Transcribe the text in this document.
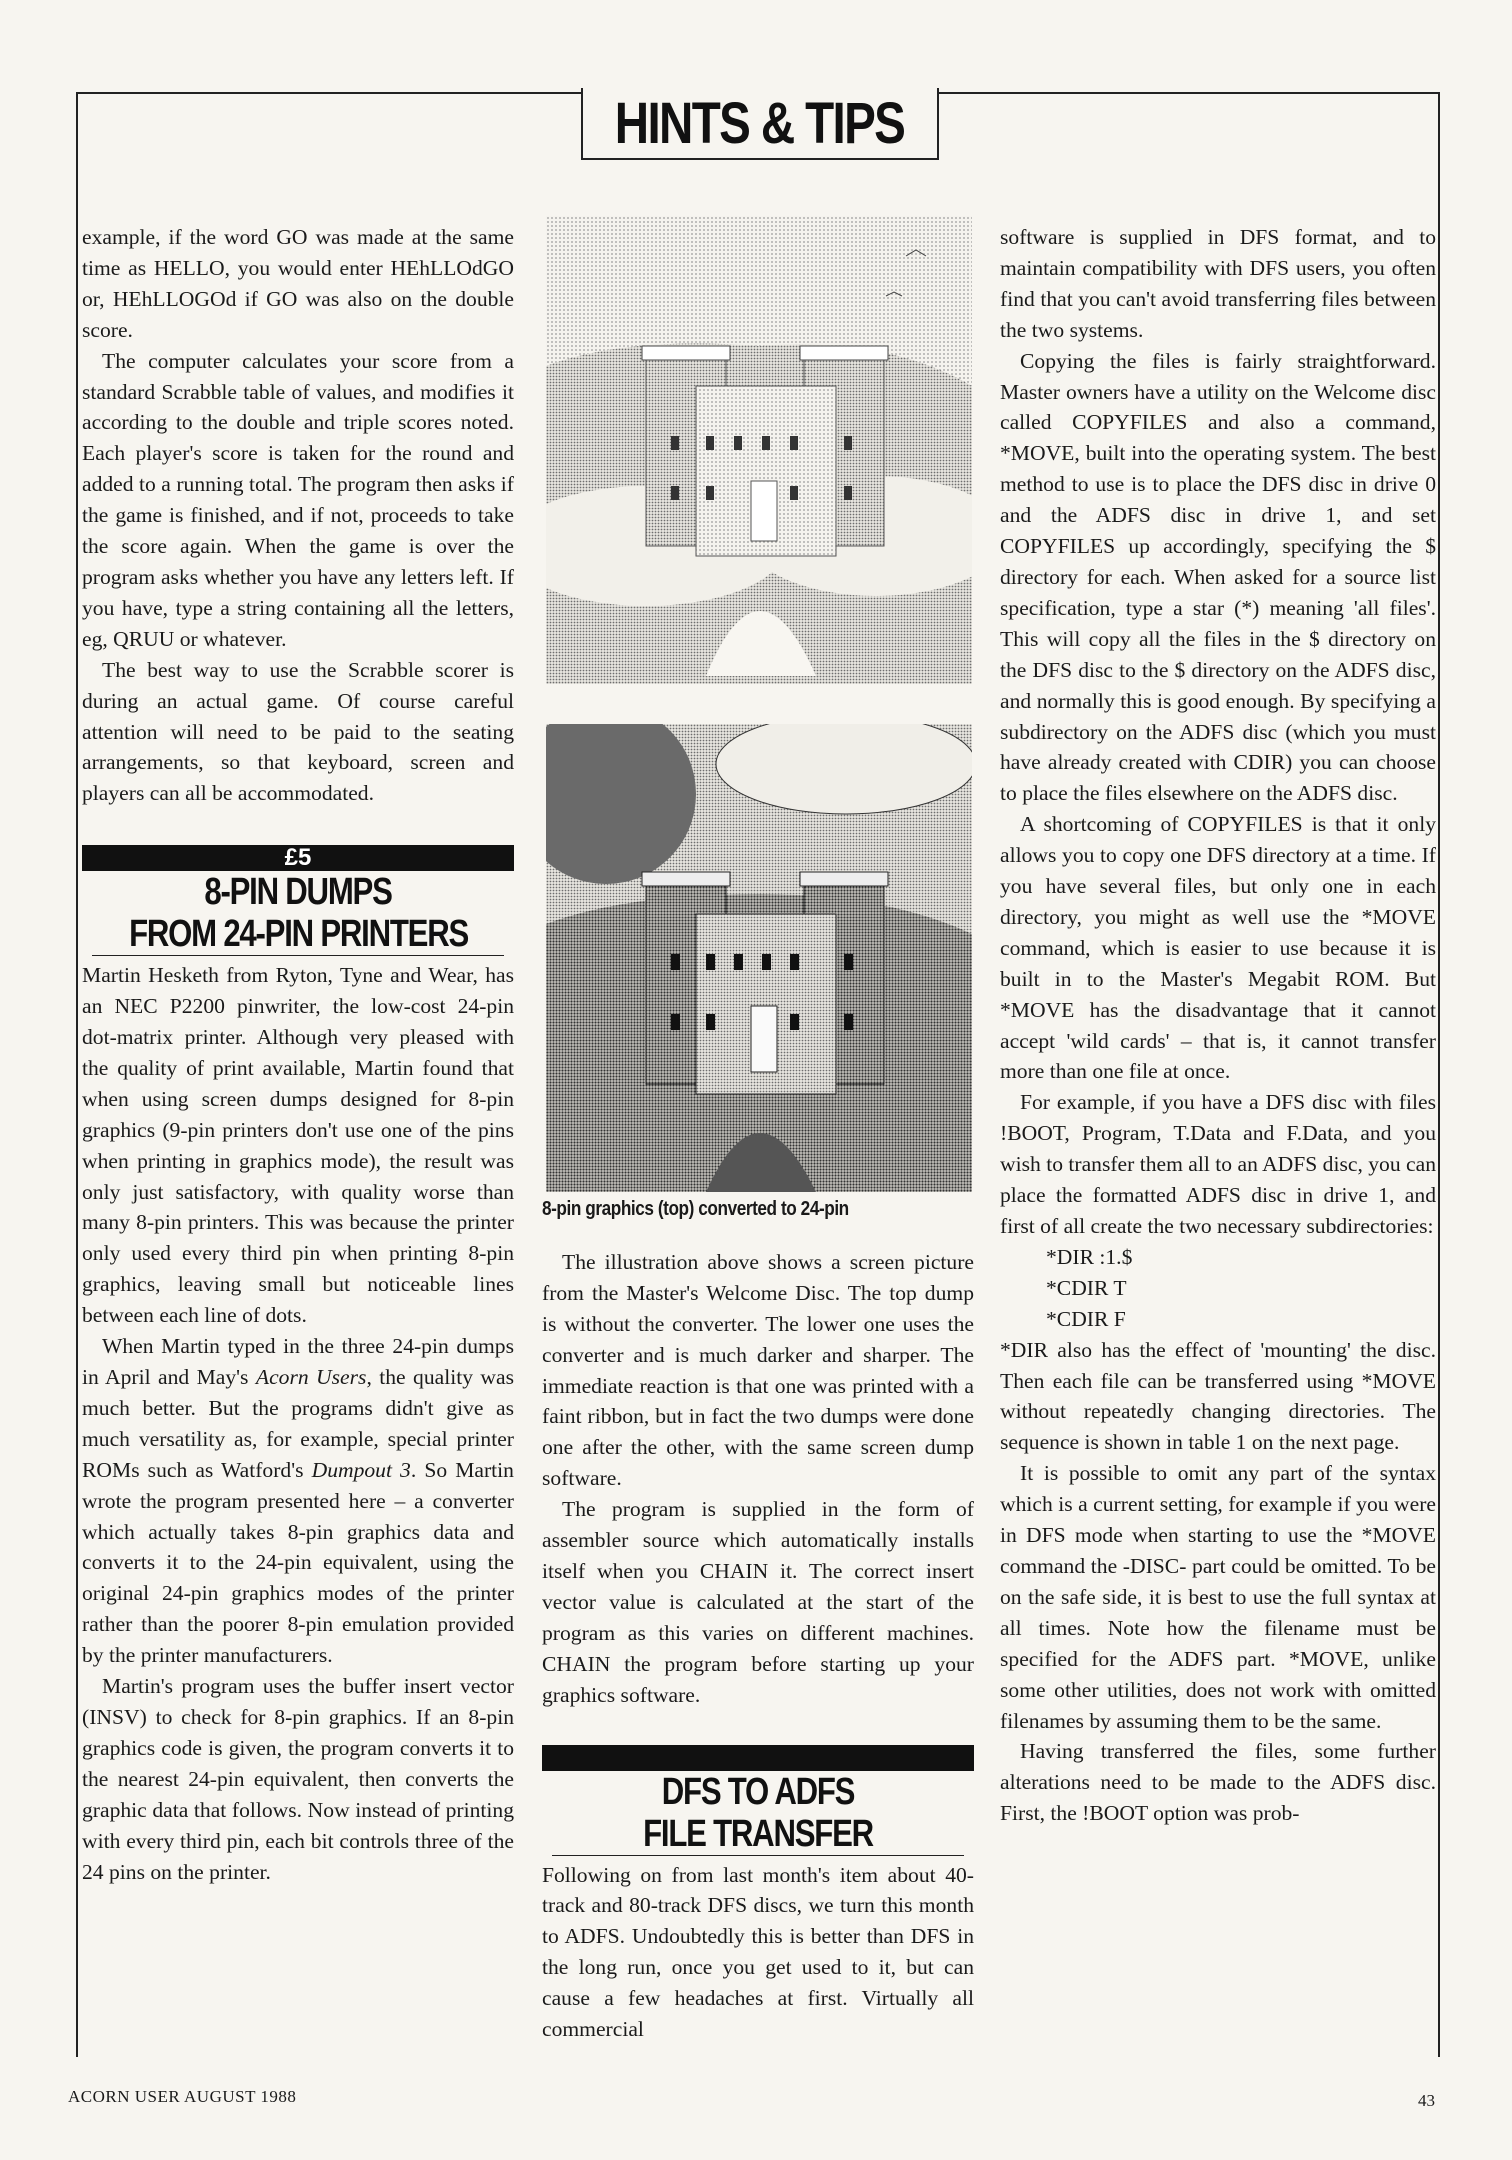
HINTS & TIPS

example, if the word GO was made at the same time as HELLO, you would enter HEhLLOdGO or, HEhLLOGOd if GO was also on the double score.

The computer calculates your score from a standard Scrabble table of values, and modifies it according to the double and triple scores noted. Each player's score is taken for the round and added to a running total. The program then asks if the game is finished, and if not, proceeds to take the score again. When the game is over the program asks whether you have any letters left. If you have, type a string containing all the letters, eg, QRUU or whatever.

The best way to use the Scrabble scorer is during an actual game. Of course careful attention will need to be paid to the seating arrangements, so that keyboard, screen and players can all be accommodated.

£5
8-PIN DUMPS
FROM 24-PIN PRINTERS

Martin Hesketh from Ryton, Tyne and Wear, has an NEC P2200 pinwriter, the low-cost 24-pin dot-matrix printer. Although very pleased with the quality of print available, Martin found that when using screen dumps designed for 8-pin graphics (9-pin printers don't use one of the pins when printing in graphics mode), the result was only just satisfactory, with quality worse than many 8-pin printers. This was because the printer only used every third pin when printing 8-pin graphics, leaving small but noticeable lines between each line of dots.

When Martin typed in the three 24-pin dumps in April and May's Acorn Users, the quality was much better. But the programs didn't give as much versatility as, for example, special printer ROMs such as Watford's Dumpout 3. So Martin wrote the program presented here – a converter which actually takes 8-pin graphics data and converts it to the 24-pin equivalent, using the original 24-pin graphics modes of the printer rather than the poorer 8-pin emulation provided by the printer manufacturers.

Martin's program uses the buffer insert vector (INSV) to check for 8-pin graphics. If an 8-pin graphics code is given, the program converts it to the nearest 24-pin equivalent, then converts the graphic data that follows. Now instead of printing with every third pin, each bit controls three of the 24 pins on the printer.

8-pin graphics (top) converted to 24-pin

The illustration above shows a screen picture from the Master's Welcome Disc. The top dump is without the converter. The lower one uses the converter and is much darker and sharper. The immediate reaction is that one was printed with a faint ribbon, but in fact the two dumps were done one after the other, with the same screen dump software.

The program is supplied in the form of assembler source which automatically installs itself when you CHAIN it. The correct insert vector value is calculated at the start of the program as this varies on different machines. CHAIN the program before starting up your graphics software.

DFS TO ADFS
FILE TRANSFER

Following on from last month's item about 40-track and 80-track DFS discs, we turn this month to ADFS. Undoubtedly this is better than DFS in the long run, once you get used to it, but can cause a few headaches at first. Virtually all commercial

software is supplied in DFS format, and to maintain compatibility with DFS users, you often find that you can't avoid transferring files between the two systems.

Copying the files is fairly straightforward. Master owners have a utility on the Welcome disc called COPYFILES and also a command, *MOVE, built into the operating system. The best method to use is to place the DFS disc in drive 0 and the ADFS disc in drive 1, and set COPYFILES up accordingly, specifying the $ directory for each. When asked for a source list specification, type a star (*) meaning 'all files'. This will copy all the files in the $ directory on the DFS disc to the $ directory on the ADFS disc, and normally this is good enough. By specifying a subdirectory on the ADFS disc (which you must have already created with CDIR) you can choose to place the files elsewhere on the ADFS disc.

A shortcoming of COPYFILES is that it only allows you to copy one DFS directory at a time. If you have several files, but only one in each directory, you might as well use the *MOVE command, which is easier to use because it is built in to the Master's Megabit ROM. But *MOVE has the disadvantage that it cannot accept 'wild cards' – that is, it cannot transfer more than one file at once.

For example, if you have a DFS disc with files !BOOT, Program, T.Data and F.Data, and you wish to transfer them all to an ADFS disc, you can place the formatted ADFS disc in drive 1, and first of all create the two necessary subdirectories:

*DIR :1.$

*CDIR T

*CDIR F

*DIR also has the effect of 'mounting' the disc. Then each file can be transferred using *MOVE without repeatedly changing directories. The sequence is shown in table 1 on the next page.

It is possible to omit any part of the syntax which is a current setting, for example if you were in DFS mode when starting to use the *MOVE command the -DISC- part could be omitted. To be on the safe side, it is best to use the full syntax at all times. Note how the filename must be specified for the ADFS part. *MOVE, unlike some other utilities, does not work with omitted filenames by assuming them to be the same.

Having transferred the files, some further alterations need to be made to the ADFS disc. First, the !BOOT option was prob-

ACORN USER AUGUST 1988	43
